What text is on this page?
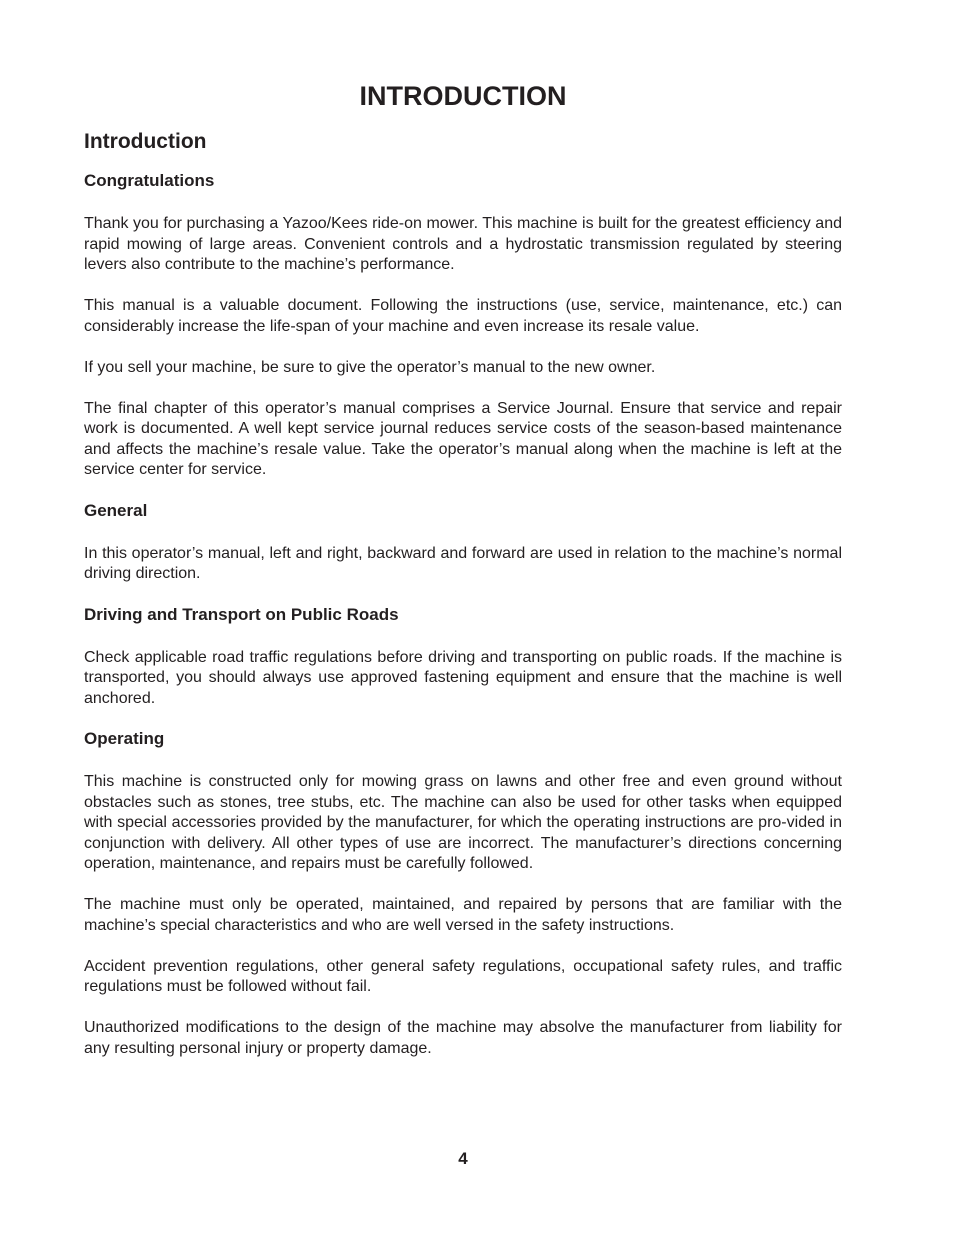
INTRODUCTION
Introduction
Congratulations

Thank you for purchasing a Yazoo/Kees ride-on mower. This machine is built for the greatest efficiency and rapid mowing of large areas. Convenient controls and a hydrostatic transmission regulated by steering levers also contribute to the machine’s performance.

This manual is a valuable document. Following the instructions (use, service, maintenance, etc.) can considerably increase the life-span of your machine and even increase its resale value.

If you sell your machine, be sure to give the operator’s manual to the new owner.

The final chapter of this operator’s manual comprises a Service Journal. Ensure that service and repair work is documented. A well kept service journal reduces service costs of the season-based maintenance and affects the machine’s resale value. Take the operator’s manual along when the machine is left at the service center for service.

General

In this operator’s manual, left and right, backward and forward are used in relation to the machine’s normal driving direction.

Driving and Transport on Public Roads

Check applicable road traffic regulations before driving and transporting on public roads. If the machine is transported, you should always use approved fastening equipment and ensure that the machine is well anchored.

Operating

This machine is constructed only for mowing grass on lawns and other free and even ground without obstacles such as stones, tree stubs, etc. The machine can also be used for other tasks when equipped with special accessories provided by the manufacturer, for which the operating instructions are pro-vided in conjunction with delivery. All other types of use are incorrect. The manufacturer’s directions concerning operation, maintenance, and repairs must be carefully followed.

The machine must only be operated, maintained, and repaired by persons that are familiar with the machine’s special characteristics and who are well versed in the safety instructions.

Accident prevention regulations, other general safety regulations, occupational safety rules, and traffic regulations must be followed without fail.

Unauthorized modifications to the design of the machine may absolve the manufacturer from liability for any resulting personal injury or property damage.

4
